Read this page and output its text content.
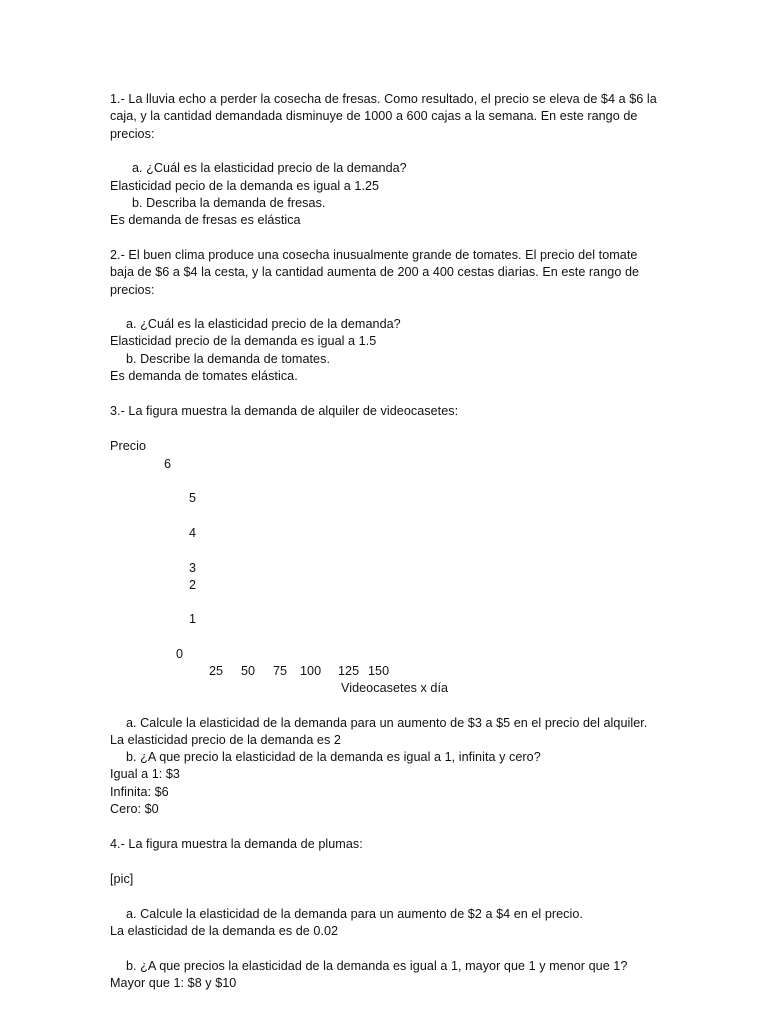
1.- La lluvia echo a perder la cosecha de fresas. Como resultado, el precio se eleva de $4 a $6 la
caja, y la cantidad demandada disminuye de 1000 a 600 cajas a la semana. En este rango de
precios:
a. ¿Cuál es la elasticidad precio de la demanda?
Elasticidad pecio de la demanda es igual a 1.25
b. Describa la demanda de fresas.
Es demanda de fresas es elástica
2.- El buen clima produce una cosecha inusualmente grande de tomates. El precio del tomate
baja de $6 a $4 la cesta, y la cantidad aumenta de 200 a 400 cestas diarias. En este rango de
precios:
a. ¿Cuál es la elasticidad precio de la demanda?
Elasticidad precio de la demanda es igual a 1.5
b. Describe la demanda de tomates.
Es demanda de tomates elástica.
3.- La figura muestra la demanda de alquiler de videocasetes:
Precio
6
5
4
3
2
1
0
25 50 75 100 125 150
Videocasetes x día
a. Calcule la elasticidad de la demanda para un aumento de $3 a $5 en el precio del alquiler.
La elasticidad precio de la demanda es 2
b. ¿A que precio la elasticidad de la demanda es igual a 1, infinita y cero?
Igual a 1: $3
Infinita: $6
Cero: $0
4.- La figura muestra la demanda de plumas:
[pic]
a. Calcule la elasticidad de la demanda para un aumento de $2 a $4 en el precio.
La elasticidad de la demanda es de 0.02
b. ¿A que precios la elasticidad de la demanda es igual a 1, mayor que 1 y menor que 1?
Mayor que 1: $8 y $10
